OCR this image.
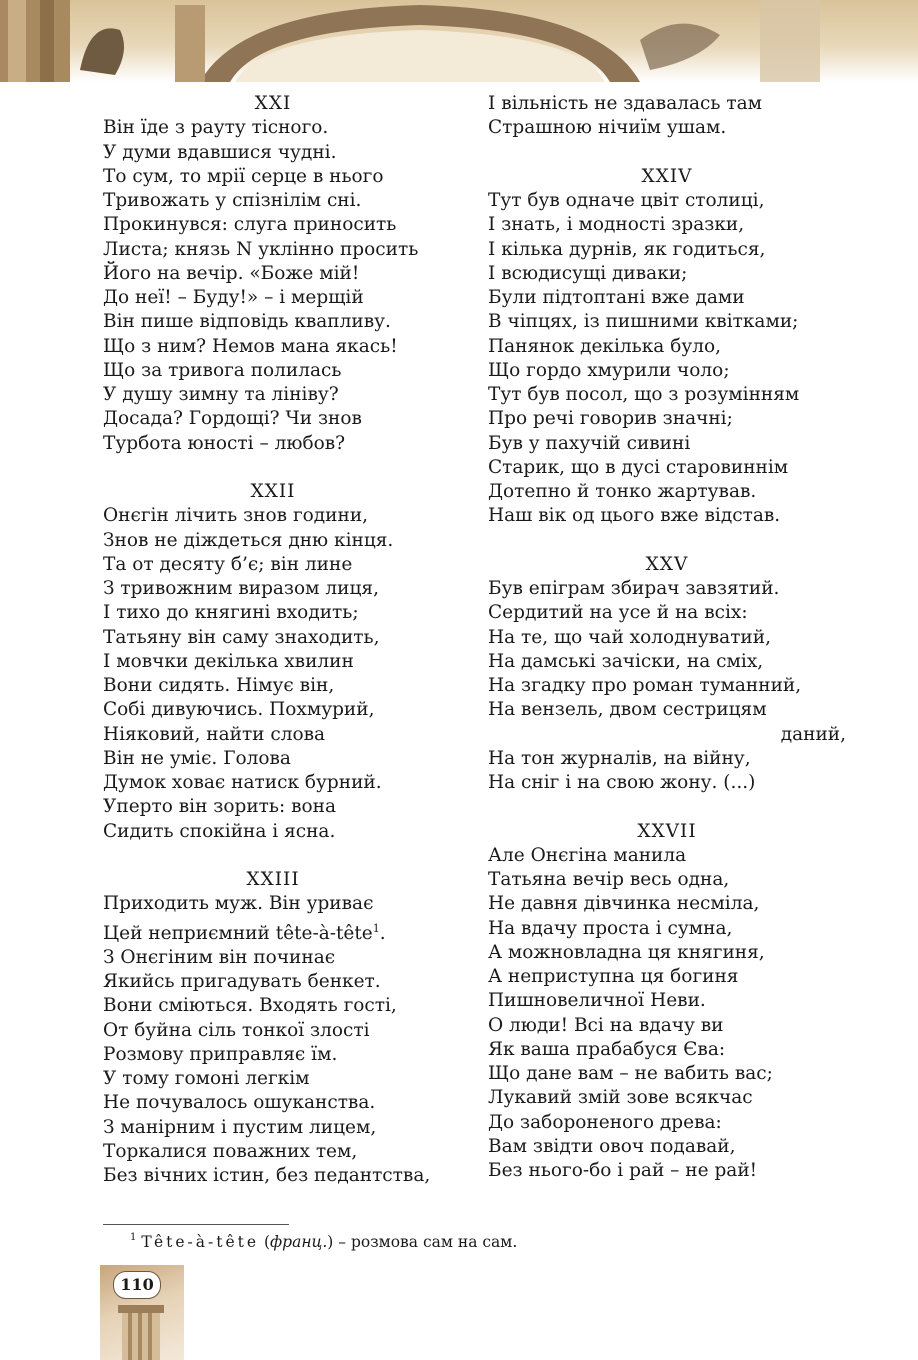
XXI
Він їде з рауту тісного.
У думи вдавшися чудні.
То сум, то мрії серце в нього
Тривожать у спізнілім сні.
Прокинувся: слуга приносить
Листа; князь N уклінно просить
Його на вечір. «Боже мій!
До неї! – Буду!» – і мерщій
Він пише відповідь квапливу.
Що з ним? Немов мана якась!
Що за тривога полилась
У душу зимну та лініву?
Досада? Гордощі? Чи знов
Турбота юності – любов?
XXII
Онєгін лічить знов години,
Знов не діждеться дню кінця.
Та от десяту б’є; він лине
З тривожним виразом лиця,
І тихо до княгині входить;
Татьяну він саму знаходить,
І мовчки декілька хвилин
Вони сидять. Німує він,
Собі дивуючись. Похмурий,
Ніяковий, найти слова
Він не уміє. Голова
Думок ховає натиск бурний.
Уперто він зорить: вона
Сидить спокійна і ясна.
XXIII
Приходить муж. Він уриває
Цей неприємний tête-à-tête$^1$.
З Онєгіним він починає
Якийсь пригадувать бенкет.
Вони сміються. Входять гості,
От буйна сіль тонкої злості
Розмову приправляє їм.
У тому гомоні легкім
Не почувалось ошуканства.
З манірним і пустим лицем,
Торкалися поважних тем,
Без вічних істин, без педантства,
І вільність не здавалась там
Страшною нічиїм ушам.
XXIV
Тут був одначе цвіт столиці,
І знать, і модності зразки,
І кілька дурнів, як годиться,
І всюдисущі диваки;
Були підтоптані вже дами
В чіпцях, із пишними квітками;
Панянок декілька було,
Що гордо хмурили чоло;
Тут був посол, що з розумінням
Про речі говорив значні;
Був у пахучій сивині
Старик, що в дусі старовиннім
Дотепно й тонко жартував.
Наш вік од цього вже відстав.
XXV
Був епіграм збирач завзятий.
Сердитий на усе й на всіх:
На те, що чай холоднуватий,
На дамські зачіски, на сміх,
На згадку про роман туманний,
На вензель, двом сестрицям
даний,
На тон журналів, на війну,
На сніг і на свою жону. (...)
XXVII
Але Онєгіна манила
Татьяна вечір весь одна,
Не давня дівчинка несміла,
На вдачу проста і сумна,
А можновладна ця княгиня,
А неприступна ця богиня
Пишновеличної Неви.
О люди! Всі на вдачу ви
Як ваша прабабуся Єва:
Що дане вам – не вабить вас;
Лукавий змій зове всякчас
До забороненого древа:
Вам звідти овоч подавай,
Без нього-бо і рай – не рай!
$^1$ Tête-à-tête (франц.) – розмова сам на сам.
110
